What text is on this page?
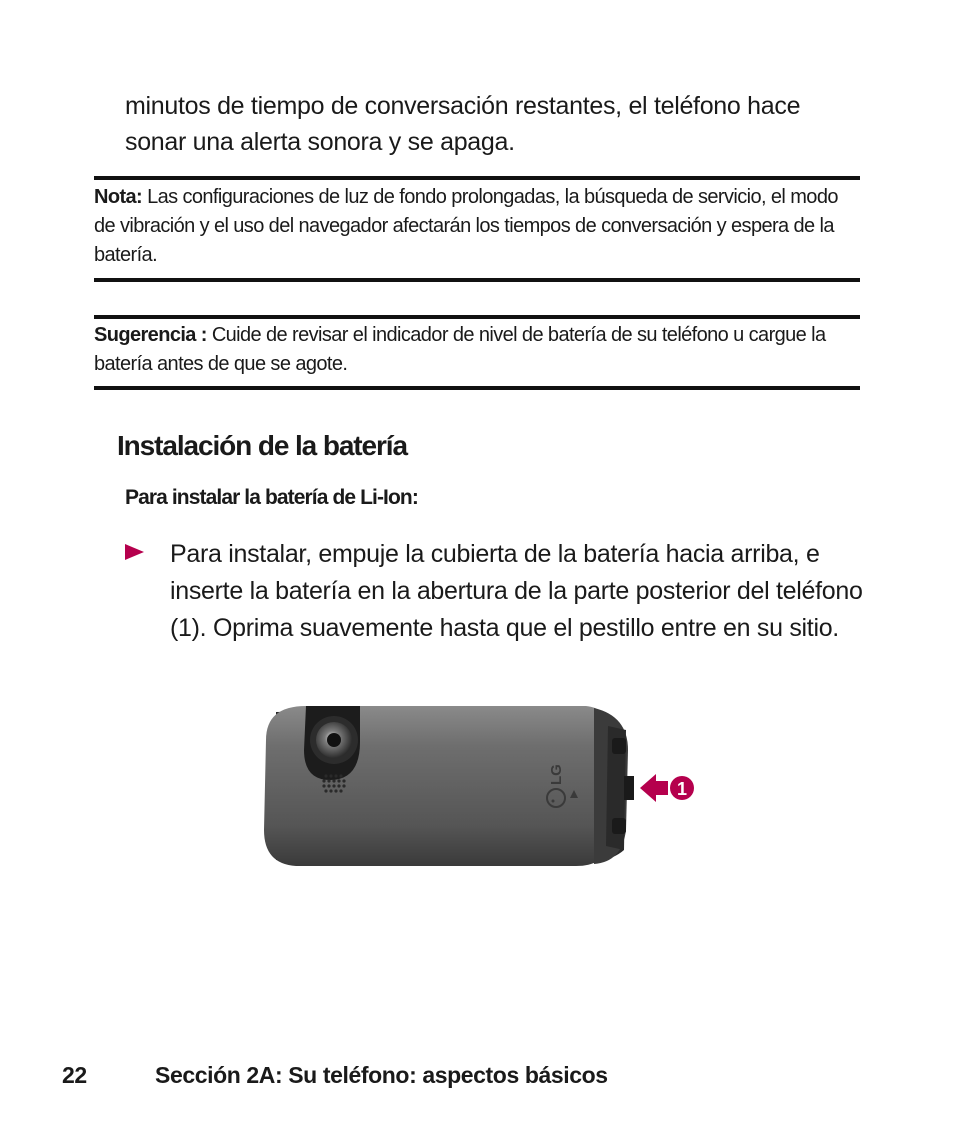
minutos de tiempo de conversación restantes, el teléfono hace sonar una alerta sonora y se apaga.
Nota: Las configuraciones de luz de fondo prolongadas, la búsqueda de servicio, el modo de vibración y el uso del navegador afectarán los tiempos de conversación y espera de la batería.
Sugerencia : Cuide de revisar el indicador de nivel de batería de su teléfono u cargue la batería antes de que se agote.
Instalación de la batería
Para instalar la batería de Li-Ion:
Para instalar, empuje la cubierta de la batería hacia arriba, e inserte la batería en la abertura de la parte posterior del teléfono (1). Oprima suavemente hasta que el pestillo entre en su sitio.
LG
1
22	Sección 2A: Su teléfono: aspectos básicos
